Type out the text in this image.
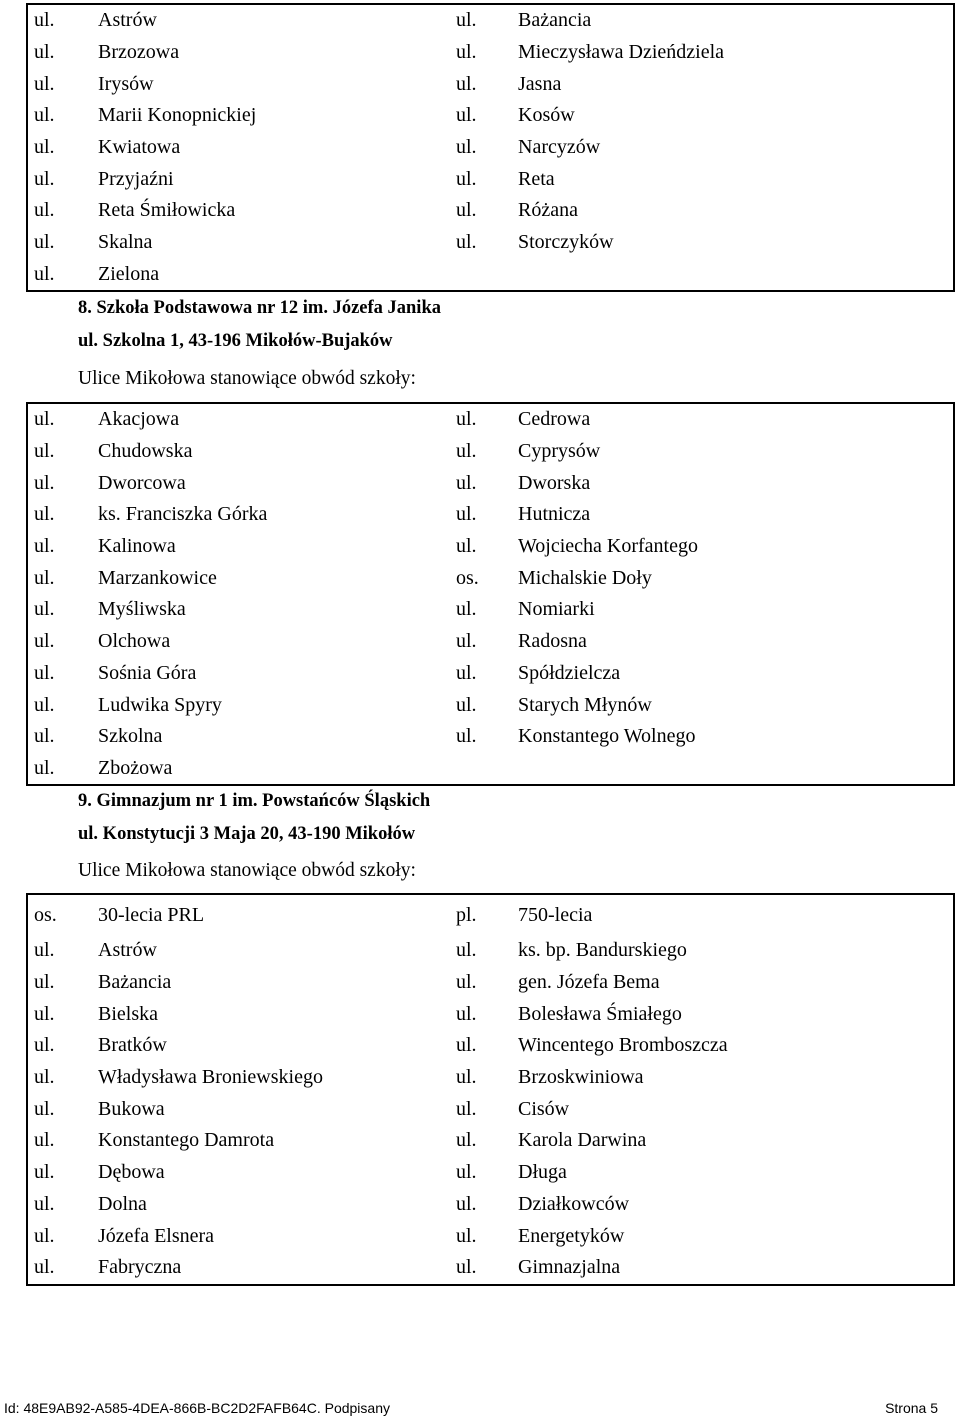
ul.	Astrów	ul.	Bażancia
ul.	Brzozowa	ul.	Mieczysława Dzieńdziela
ul.	Irysów	ul.	Jasna
ul.	Marii Konopnickiej	ul.	Kosów
ul.	Kwiatowa	ul.	Narcyzów
ul.	Przyjaźni	ul.	Reta
ul.	Reta Śmiłowicka	ul.	Różana
ul.	Skalna	ul.	Storczyków
ul.	Zielona		
8. Szkoła Podstawowa nr 12 im. Józefa Janika
ul. Szkolna 1, 43-196 Mikołów-Bujaków
Ulice Mikołowa stanowiące obwód szkoły:
ul.	Akacjowa	ul.	Cedrowa
ul.	Chudowska	ul.	Cyprysów
ul.	Dworcowa	ul.	Dworska
ul.	ks. Franciszka Górka	ul.	Hutnicza
ul.	Kalinowa	ul.	Wojciecha Korfantego
ul.	Marzankowice	os.	Michalskie Doły
ul.	Myśliwska	ul.	Nomiarki
ul.	Olchowa	ul.	Radosna
ul.	Sośnia Góra	ul.	Spółdzielcza
ul.	Ludwika Spyry	ul.	Starych Młynów
ul.	Szkolna	ul.	Konstantego Wolnego
ul.	Zbożowa		
9. Gimnazjum nr 1 im. Powstańców Śląskich
ul. Konstytucji 3 Maja 20, 43-190 Mikołów
Ulice Mikołowa stanowiące obwód szkoły:
os.	30-lecia PRL	pl.	750-lecia
ul.	Astrów	ul.	ks. bp. Bandurskiego
ul.	Bażancia	ul.	gen. Józefa Bema
ul.	Bielska	ul.	Bolesława Śmiałego
ul.	Bratków	ul.	Wincentego Bromboszcza
ul.	Władysława Broniewskiego	ul.	Brzoskwiniowa
ul.	Bukowa	ul.	Cisów
ul.	Konstantego Damrota	ul.	Karola Darwina
ul.	Dębowa	ul.	Długa
ul.	Dolna	ul.	Działkowców
ul.	Józefa Elsnera	ul.	Energetyków
ul.	Fabryczna	ul.	Gimnazjalna
Id: 48E9AB92-A585-4DEA-866B-BC2D2FAFB64C. Podpisany	Strona 5
